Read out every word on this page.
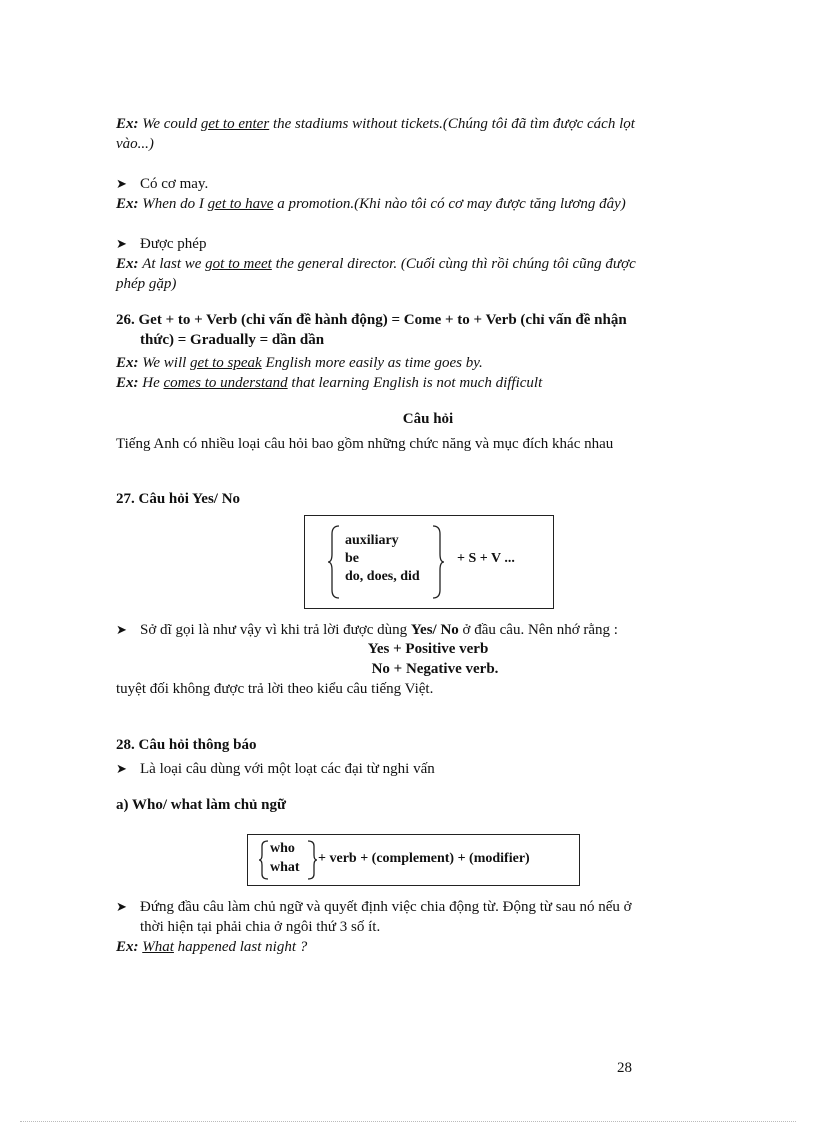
Ex: We could get to enter the stadiums without tickets.(Chúng tôi đã tìm được cách lọt
vào...)
➤ Có cơ may.
Ex: When do I get to have a promotion.(Khi nào tôi có cơ may được tăng lương đây)
➤ Được phép
Ex: At last we got to meet the general director. (Cuối cùng thì rồi chúng tôi cũng được
phép gặp)
26. Get + to + Verb (chỉ vấn đề hành động) = Come + to + Verb (chỉ vấn đề nhận
thức) = Gradually = dần dần
Ex: We will get to speak English more easily as time goes by.
Ex: He comes to understand that learning English is not much difficult
Câu hỏi
Tiếng Anh có nhiều loại câu hỏi bao gồm những chức năng và mục đích khác nhau
27. Câu hỏi Yes/ No
auxiliary
be
do, does, did
+ S + V ...
➤ Sở dĩ gọi là như vậy vì khi trả lời được dùng Yes/ No ở đầu câu. Nên nhớ rằng :
Yes + Positive verb
No + Negative verb.
tuyệt đối không được trả lời theo kiểu câu tiếng Việt.
28. Câu hỏi thông báo
➤ Là loại câu dùng với một loạt các đại từ nghi vấn
a) Who/ what làm chủ ngữ
who
what
+ verb + (complement) + (modifier)
➤ Đứng đầu câu làm chủ ngữ và quyết định việc chia động từ. Động từ sau nó nếu ở
thời hiện tại phải chia ở ngôi thứ 3 số ít.
Ex: What happened last night ?
28
